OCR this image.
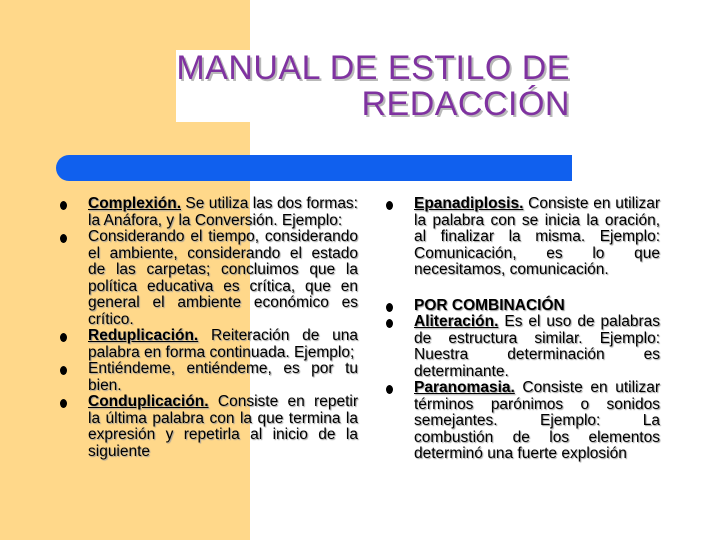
MANUAL DE ESTILO DE
REDACCIÓN
Complexión. Se utiliza las dos formas: la Anáfora, y la Conversión. Ejemplo:
Considerando el tiempo, considerando el ambiente, considerando el estado de las carpetas; concluimos que la política educativa es crítica, que en general el ambiente económico es crítico.
Reduplicación. Reiteración de una palabra en forma continuada. Ejemplo;
Entiéndeme, entiéndeme, es por tu bien.
Conduplicación. Consiste en repetir la última palabra con la que termina la expresión y repetirla al inicio de la siguiente
Epanadiplosis. Consiste en utilizar la palabra con se inicia la oración, al finalizar la misma. Ejemplo: Comunicación, es lo que necesitamos, comunicación.
POR COMBINACIÓN
Aliteración. Es el uso de palabras de estructura similar. Ejemplo: Nuestra determinación es determinante.
Paranomasia. Consiste en utilizar términos parónimos o sonidos semejantes. Ejemplo: La combustión de los elementos determinó una fuerte explosión
